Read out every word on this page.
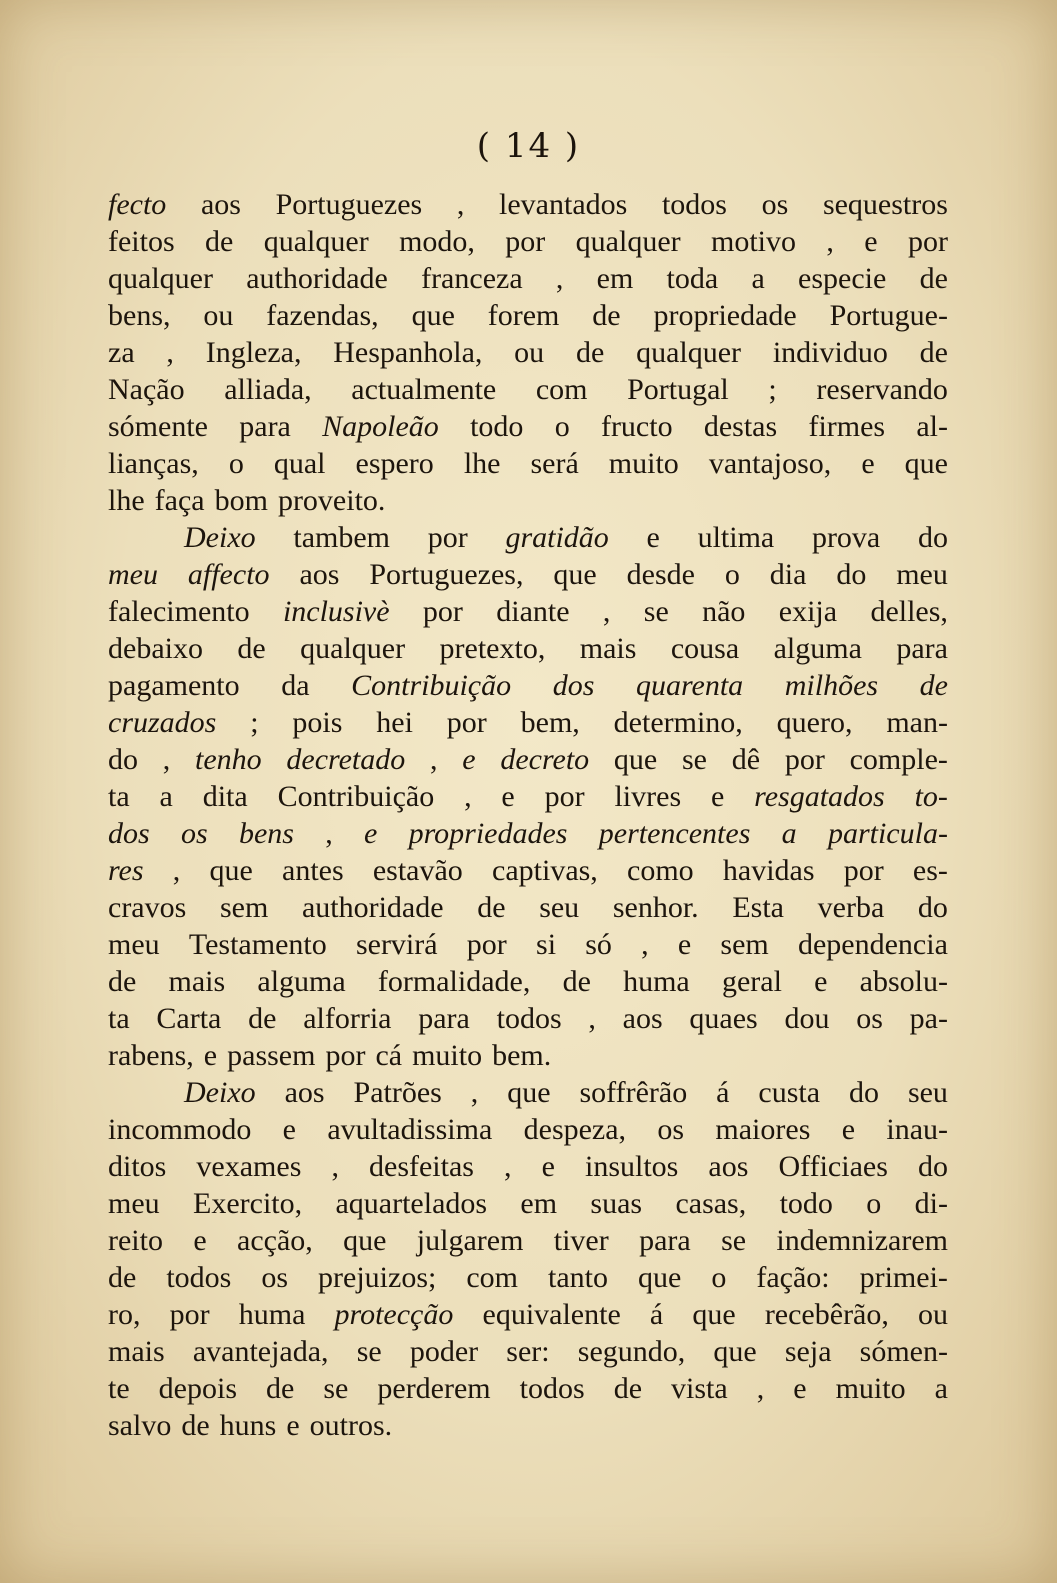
( 14 )
fecto aos Portuguezes , levantados todos os sequestros
feitos de qualquer modo, por qualquer motivo , e por
qualquer authoridade franceza , em toda a especie de
bens, ou fazendas, que forem de propriedade Portugue-
za , Ingleza, Hespanhola, ou de qualquer individuo de
Nação alliada, actualmente com Portugal ; reservando
sómente para Napoleão todo o fructo destas firmes al-
lianças, o qual espero lhe será muito vantajoso, e que
lhe faça bom proveito.
Deixo tambem por gratidão e ultima prova do
meu affecto aos Portuguezes, que desde o dia do meu
falecimento inclusivè por diante , se não exija delles,
debaixo de qualquer pretexto, mais cousa alguma para
pagamento da Contribuição dos quarenta milhões de
cruzados ; pois hei por bem, determino, quero, man-
do , tenho decretado , e decreto que se dê por comple-
ta a dita Contribuição , e por livres e resgatados to-
dos os bens , e propriedades pertencentes a particula-
res , que antes estavão captivas, como havidas por es-
cravos sem authoridade de seu senhor. Esta verba do
meu Testamento servirá por si só , e sem dependencia
de mais alguma formalidade, de huma geral e absolu-
ta Carta de alforria para todos , aos quaes dou os pa-
rabens, e passem por cá muito bem.
Deixo aos Patrões , que soffrêrão á custa do seu
incommodo e avultadissima despeza, os maiores e inau-
ditos vexames , desfeitas , e insultos aos Officiaes do
meu Exercito, aquartelados em suas casas, todo o di-
reito e acção, que julgarem tiver para se indemnizarem
de todos os prejuizos; com tanto que o fação: primei-
ro, por huma protecção equivalente á que recebêrão, ou
mais avantejada, se poder ser: segundo, que seja sómen-
te depois de se perderem todos de vista , e muito a
salvo de huns e outros.
